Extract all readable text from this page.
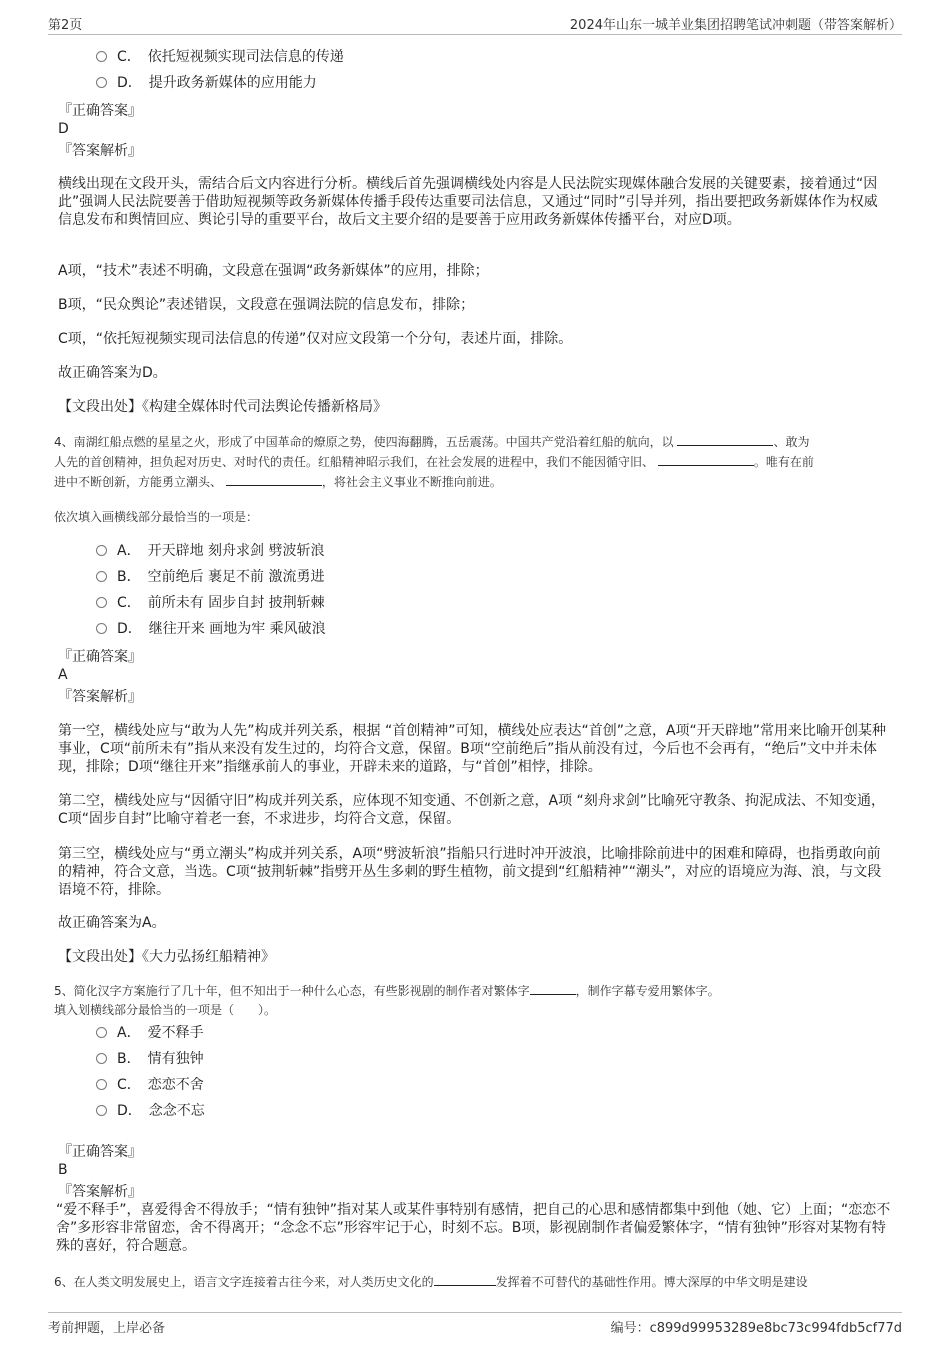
第2页	2024年山东一城羊业集团招聘笔试冲刺题（带答案解析）
C．　依托短视频实现司法信息的传递
D．　提升政务新媒体的应用能力
『正确答案』
D
『答案解析』
横线出现在文段开头，需结合后文内容进行分析。横线后首先强调横线处内容是人民法院实现媒体融合发展的关键要素，接着通过“因此”强调人民法院要善于借助短视频等政务新媒体传播手段传达重要司法信息，又通过“同时”引导并列，指出要把政务新媒体作为权威信息发布和舆情回应、舆论引导的重要平台，故后文主要介绍的是要善于应用政务新媒体传播平台，对应D项。
A项，“技术”表述不明确，文段意在强调“政务新媒体”的应用，排除；
B项，“民众舆论”表述错误，文段意在强调法院的信息发布，排除；
C项，“依托短视频实现司法信息的传递”仅对应文段第一个分句，表述片面，排除。
故正确答案为D。
【文段出处】《构建全媒体时代司法舆论传播新格局》
4、南湖红船点燃的星星之火，形成了中国革命的燎原之势，使四海翻腾，五岳震荡。中国共产党沿着红船的航向，以	、敢为
人先的首创精神，担负起对历史、对时代的责任。红船精神昭示我们，在社会发展的进程中，我们不能因循守旧、	。唯有在前
进中不断创新，方能勇立潮头、	，将社会主义事业不断推向前进。
依次填入画横线部分最恰当的一项是：
A．　开天辟地 刻舟求剑 劈波斩浪
B．　空前绝后 裹足不前 激流勇进
C．　前所未有 固步自封 披荆斩棘
D．　继往开来 画地为牢 乘风破浪
『正确答案』
A
『答案解析』
第一空，横线处应与“敢为人先”构成并列关系，根据 “首创精神”可知，横线处应表达“首创”之意，A项“开天辟地”常用来比喻开创某种事业，C项“前所未有”指从来没有发生过的，均符合文意，保留。B项“空前绝后”指从前没有过，今后也不会再有，“绝后”文中并未体现，排除；D项“继往开来”指继承前人的事业，开辟未来的道路，与“首创”相悖，排除。
第二空，横线处应与“因循守旧”构成并列关系，应体现不知变通、不创新之意，A项 “刻舟求剑”比喻死守教条、拘泥成法、不知变通，C项“固步自封”比喻守着老一套，不求进步，均符合文意，保留。
第三空，横线处应与“勇立潮头”构成并列关系，A项“劈波斩浪”指船只行进时冲开波浪，比喻排除前进中的困难和障碍，也指勇敢向前的精神，符合文意，当选。C项“披荆斩棘”指劈开丛生多刺的野生植物，前文提到“红船精神”“潮头”，对应的语境应为海、浪，与文段语境不符，排除。
故正确答案为A。
【文段出处】《大力弘扬红船精神》
5、简化汉字方案施行了几十年，但不知出于一种什么心态，有些影视剧的制作者对繁体字	，制作字幕专爱用繁体字。
填入划横线部分最恰当的一项是（　　）。
A．　爱不释手
B．　情有独钟
C．　恋恋不舍
D．　念念不忘
『正确答案』
B
『答案解析』
“爱不释手”，喜爱得舍不得放手；“情有独钟”指对某人或某件事特别有感情，把自己的心思和感情都集中到他（她、它）上面；“恋恋不舍”多形容非常留恋，舍不得离开；“念念不忘”形容牢记于心，时刻不忘。B项，影视剧制作者偏爱繁体字，“情有独钟”形容对某物有特殊的喜好，符合题意。
6、在人类文明发展史上，语言文字连接着古往今来，对人类历史文化的	发挥着不可替代的基础性作用。博大深厚的中华文明是建设
考前押题，上岸必备	编号：c899d99953289e8bc73c994fdb5cf77d
